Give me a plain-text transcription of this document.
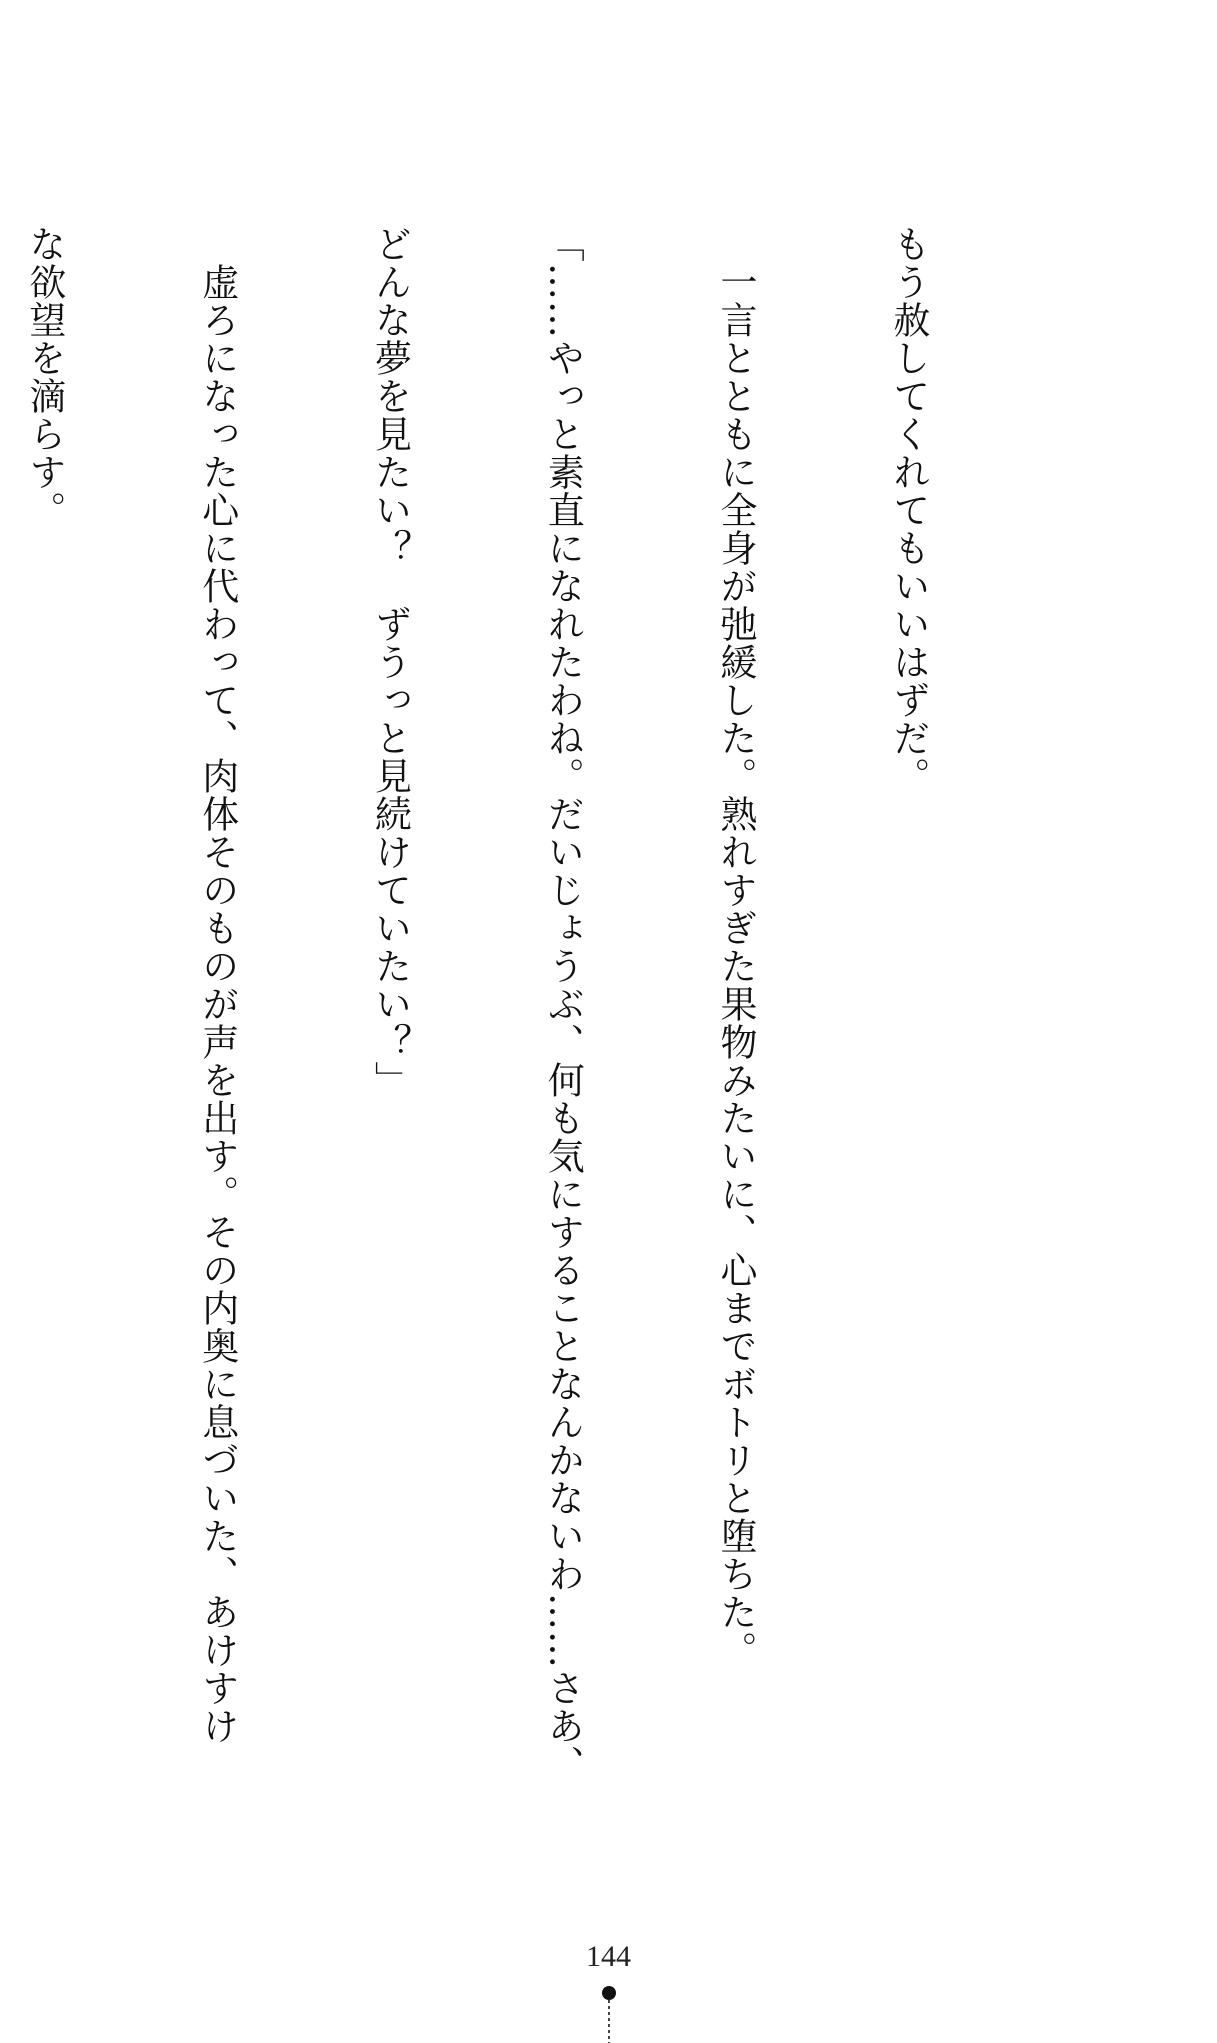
もう赦してくれてもいいはずだ。

　一言とともに全身が弛緩した。熟れすぎた果物みたいに、心までボトリと堕ちた。

「……やっと素直になれたわね。だいじょうぶ、何も気にすることなんかないわ……さあ、

どんな夢を見たい？　ずうっと見続けていたい？」

　虚ろになった心に代わって、肉体そのものが声を出す。その内奥に息づいた、あけすけ

な欲望を滴らす。

144
